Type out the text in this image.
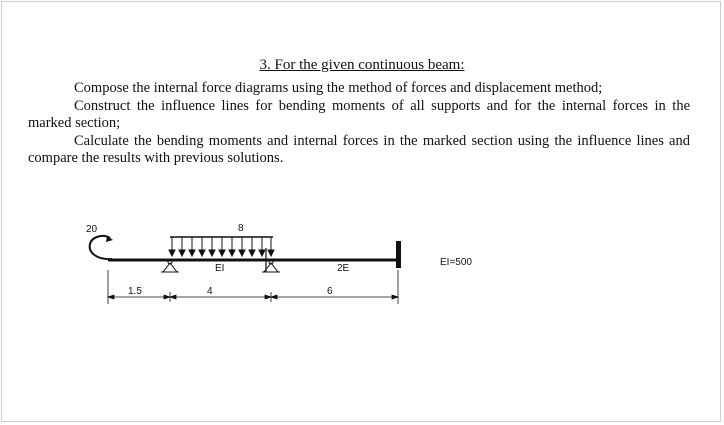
3. For the given continuous beam:

Compose the internal force diagrams using the method of forces and displacement method;

Construct the influence lines for bending moments of all supports and for the internal forces in the marked section;

Calculate the bending moments and internal forces in the marked section using the influence lines and compare the results with previous solutions.

20	8
EI	2E
EI=500
1.5	4	6
